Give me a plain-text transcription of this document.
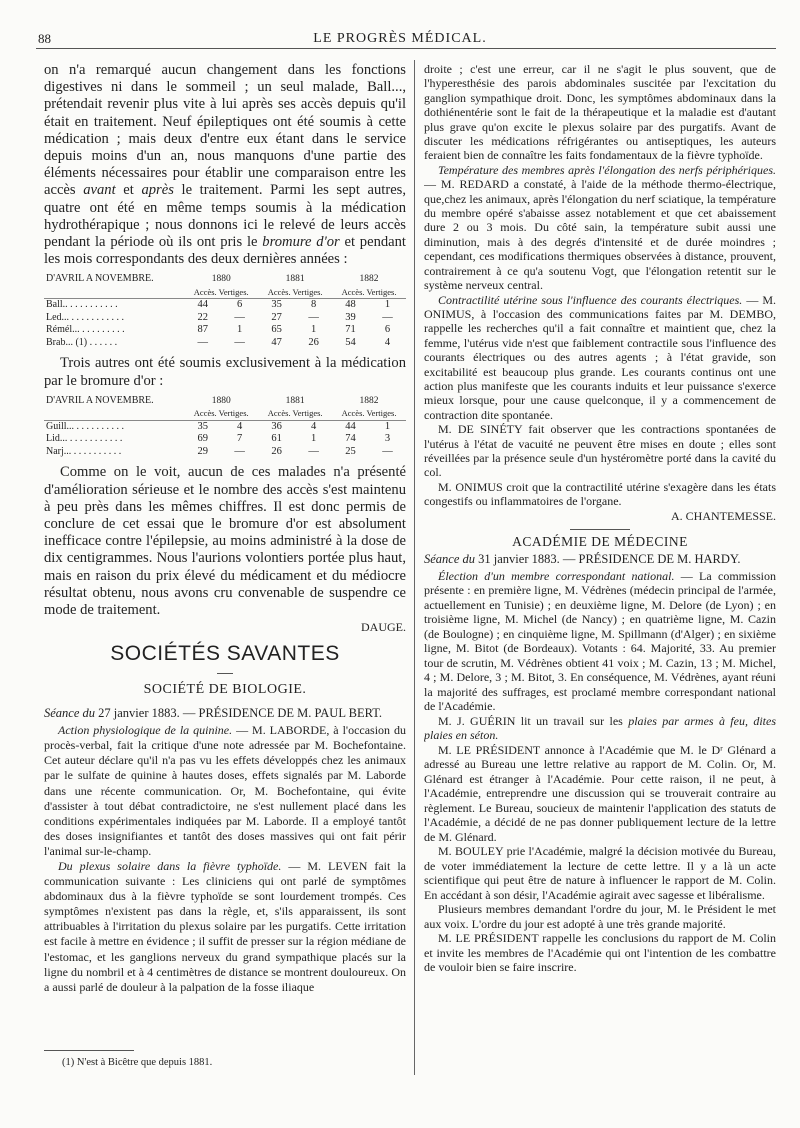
88	LE PROGRÈS MÉDICAL.

on n'a remarqué aucun changement dans les fonctions digestives ni dans le sommeil ; un seul malade, Ball..., prétendait revenir plus vite à lui après ses accès depuis qu'il était en traitement. Neuf épileptiques ont été soumis à cette médication ; mais deux d'entre eux étant dans le service depuis moins d'un an, nous manquons d'une partie des éléments nécessaires pour établir une comparaison entre les accès avant et après le traitement. Parmi les sept autres, quatre ont été en même temps soumis à la médication hydrothérapique ; nous donnons ici le relevé de leurs accès pendant la période où ils ont pris le bromure d'or et pendant les mois correspondants des deux dernières années :

D'AVRIL A NOVEMBRE.	1880		1881		1882	
	Accès. Vertiges.		Accès. Vertiges.		Accès. Vertiges.	
Ball.. . . . . . . . . . .	44	6	35	8	48	1
Led... . . . . . . . . . . .	22	—	27	—	39	—
Rémél... . . . . . . . . .	87	1	65	1	71	6
Brab... (1) . . . . . .	—	—	47	26	54	4

Trois autres ont été soumis exclusivement à la médication par le bromure d'or :

D'AVRIL A NOVEMBRE.	1880		1881		1882	
	Accès. Vertiges.		Accès. Vertiges.		Accès. Vertiges.	
Guill... . . . . . . . . . .	35	4	36	4	44	1
Lid... . . . . . . . . . . .	69	7	61	1	74	3
Narj... . . . . . . . . . .	29	—	26	—	25	—

Comme on le voit, aucun de ces malades n'a présenté d'amélioration sérieuse et le nombre des accès s'est maintenu à peu près dans les mêmes chiffres. Il est donc permis de conclure de cet essai que le bromure d'or est absolument inefficace contre l'épilepsie, au moins administré à la dose de dix centigrammes. Nous l'aurions volontiers portée plus haut, mais en raison du prix élevé du médicament et du médiocre résultat obtenu, nous avons cru convenable de suspendre ce mode de traitement.

DAUGE.
SOCIÉTÉS SAVANTES
SOCIÉTÉ DE BIOLOGIE.
Séance du 27 janvier 1883. — PRÉSIDENCE DE M. PAUL BERT.

Action physiologique de la quinine. — M. LABORDE, à l'occasion du procès-verbal, fait la critique d'une note adressée par M. Bochefontaine. Cet auteur déclare qu'il n'a pas vu les effets développés chez les animaux par le sulfate de quinine à hautes doses, effets signalés par M. Laborde dans une récente communication. Or, M. Bochefontaine, qui évite d'assister à tout débat contradictoire, ne s'est nullement placé dans les conditions expérimentales indiquées par M. Laborde. Il a employé tantôt des doses insignifiantes et tantôt des doses massives qui ont fait périr l'animal sur-le-champ.

Du plexus solaire dans la fièvre typhoïde. — M. LEVEN fait la communication suivante : Les cliniciens qui ont parlé de symptômes abdominaux dus à la fièvre typhoïde se sont lourdement trompés. Ces symptômes n'existent pas dans la règle, et, s'ils apparaissent, ils sont attribuables à l'irritation du plexus solaire par les purgatifs. Cette irritation est facile à mettre en évidence ; il suffit de presser sur la région médiane de l'estomac, et les ganglions nerveux du grand sympathique placés sur la ligne du nombril et à 4 centimètres de distance se montrent douloureux. On a aussi parlé de douleur à la palpation de la fosse iliaque

(1) N'est à Bicêtre que depuis 1881.

droite ; c'est une erreur, car il ne s'agit le plus souvent, que de l'hyperesthésie des parois abdominales suscitée par l'excitation du ganglion sympathique droit. Donc, les symptômes abdominaux dans la dothiénentérie sont le fait de la thérapeutique et la maladie est d'autant plus grave qu'on excite le plexus solaire par des purgatifs. Avant de discuter les médications réfrigérantes ou antiseptiques, les auteurs feraient bien de connaître les faits fondamentaux de la fièvre typhoïde.

Température des membres après l'élongation des nerfs périphériques. — M. REDARD a constaté, à l'aide de la méthode thermo-électrique, que,chez les animaux, après l'élongation du nerf sciatique, la température du membre opéré s'abaisse assez notablement et que cet abaissement dure 2 ou 3 mois. Du côté sain, la température subit aussi une diminution, mais à des degrés d'intensité et de durée moindres ; cependant, ces modifications thermiques observées à distance, prouvent, contrairement à ce qu'a soutenu Vogt, que l'élongation retentit sur le système nerveux central.

Contractilité utérine sous l'influence des courants électriques. — M. ONIMUS, à l'occasion des communications faites par M. DEMBO, rappelle les recherches qu'il a fait connaître et maintient que, chez la femme, l'utérus vide n'est que faiblement contractile sous l'influence des courants électriques ou des autres agents ; à l'état gravide, son excitabilité est beaucoup plus grande. Les courants continus ont une action plus manifeste que les courants induits et leur puissance s'exerce mieux lorsque, pour une cause quelconque, il y a commencement de contraction dite spontanée.

M. DE SINÉTY fait observer que les contractions spontanées de l'utérus à l'état de vacuité ne peuvent être mises en doute ; elles sont réveillées par la présence seule d'un hystéromètre porté dans la cavité du col.

M. ONIMUS croit que la contractilité utérine s'exagère dans les états congestifs ou inflammatoires de l'organe.

A. CHANTEMESSE.
ACADÉMIE DE MÉDECINE
Séance du 31 janvier 1883. — PRÉSIDENCE DE M. HARDY.

Élection d'un membre correspondant national. — La commission présente : en première ligne, M. Védrènes (médecin principal de l'armée, actuellement en Tunisie) ; en deuxième ligne, M. Delore (de Lyon) ; en troisième ligne, M. Michel (de Nancy) ; en quatrième ligne, M. Cazin (de Boulogne) ; en cinquième ligne, M. Spillmann (d'Alger) ; en sixième ligne, M. Bitot (de Bordeaux). Votants : 64. Majorité, 33. Au premier tour de scrutin, M. Védrènes obtient 41 voix ; M. Cazin, 13 ; M. Michel, 4 ; M. Delore, 3 ; M. Bitot, 3. En conséquence, M. Védrènes, ayant réuni la majorité des suffrages, est proclamé membre correspondant national de l'Académie.

M. J. GUÉRIN lit un travail sur les plaies par armes à feu, dites plaies en séton.

M. LE PRÉSIDENT annonce à l'Académie que M. le Dʳ Glénard a adressé au Bureau une lettre relative au rapport de M. Colin. Or, M. Glénard est étranger à l'Académie. Pour cette raison, il ne peut, à l'Académie, entreprendre une discussion qui se trouverait contraire au règlement. Le Bureau, soucieux de maintenir l'application des statuts de l'Académie, a décidé de ne pas donner publiquement lecture de la lettre de M. Glénard.

M. BOULEY prie l'Académie, malgré la décision motivée du Bureau, de voter immédiatement la lecture de cette lettre. Il y a là un acte scientifique qui peut être de nature à influencer le rapport de M. Colin. En accédant à son désir, l'Académie agirait avec sagesse et libéralisme.

Plusieurs membres demandant l'ordre du jour, M. le Président le met aux voix. L'ordre du jour est adopté à une très grande majorité.

M. LE PRÉSIDENT rappelle les conclusions du rapport de M. Colin et invite les membres de l'Académie qui ont l'intention de les combattre de vouloir bien se faire inscrire.
